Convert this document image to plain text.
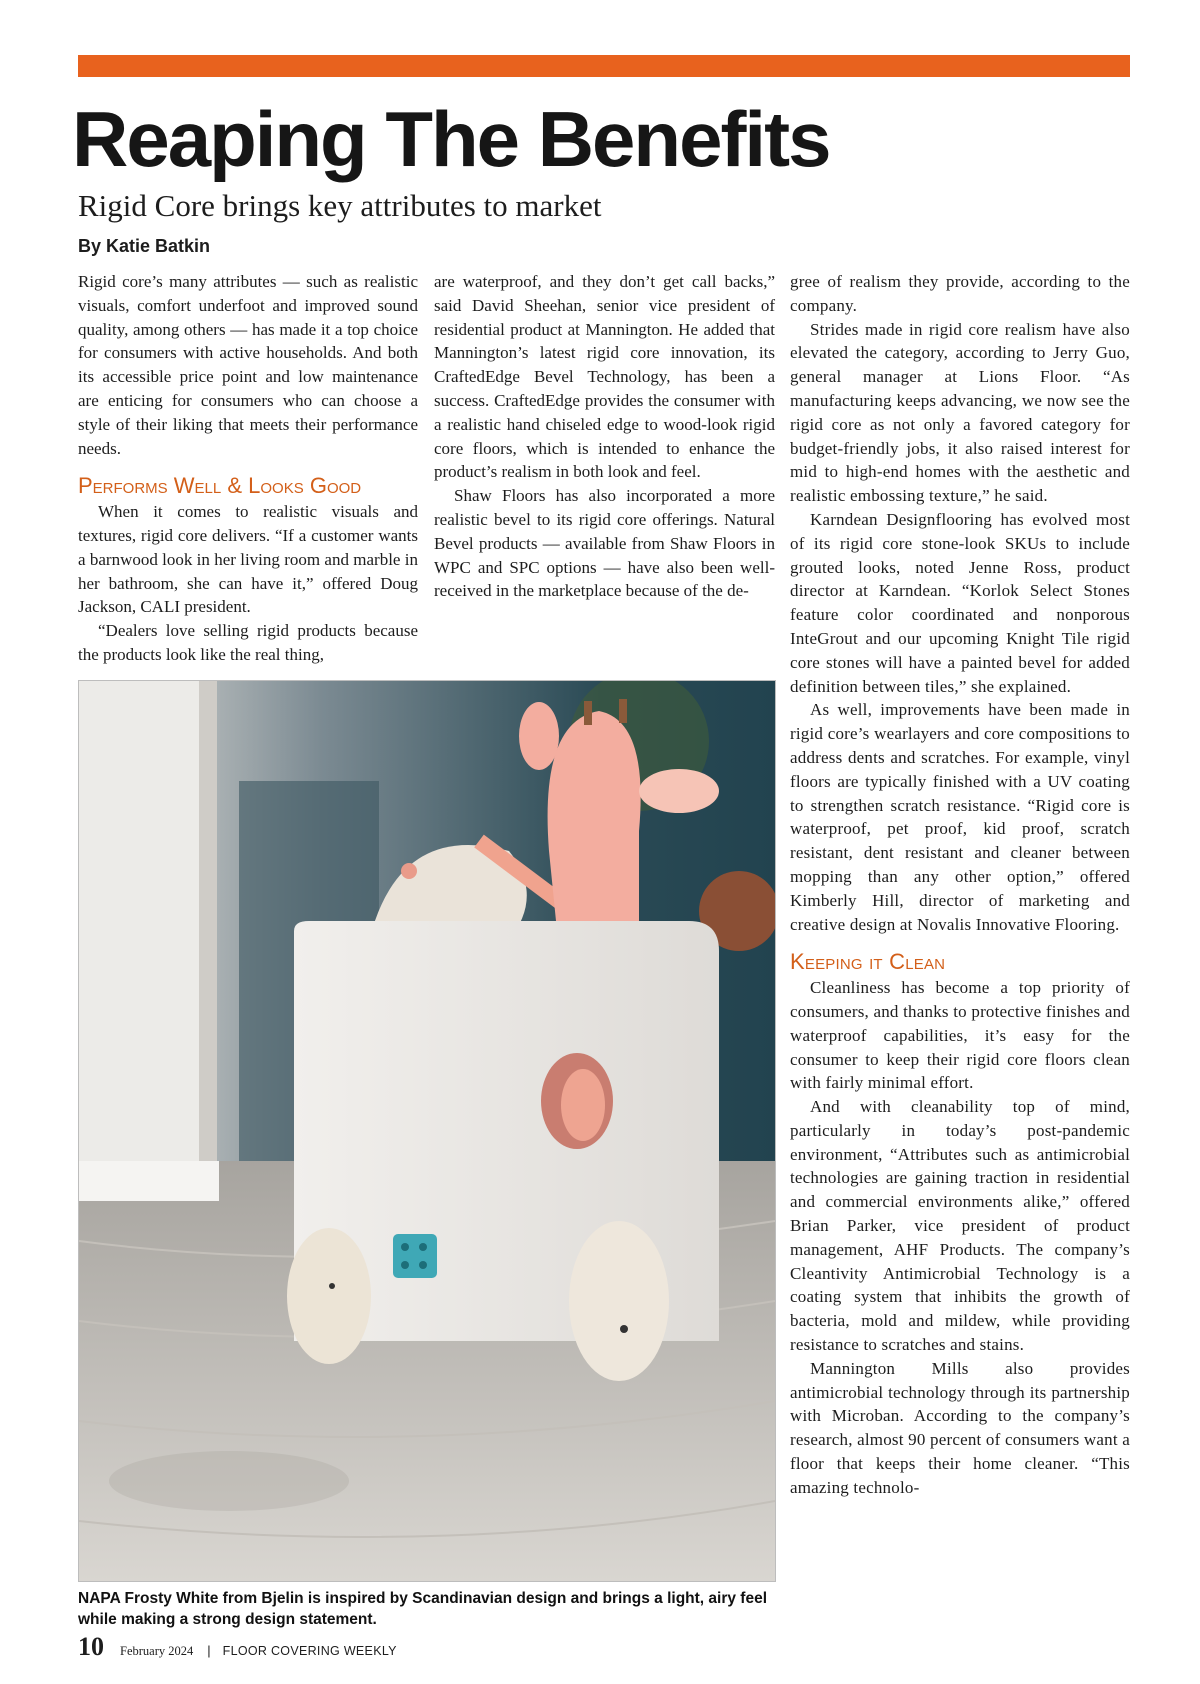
Reaping The Benefits
Rigid Core brings key attributes to market
By Katie Batkin

Rigid core’s many attributes — such as realistic visuals, comfort underfoot and improved sound quality, among others — has made it a top choice for consumers with active households. And both its accessible price point and low maintenance are enticing for consumers who can choose a style of their liking that meets their performance needs.

Performs Well & Looks Good

When it comes to realistic visuals and textures, rigid core delivers. “If a customer wants a barnwood look in her living room and marble in her bathroom, she can have it,” offered Doug Jackson, CALI president.

“Dealers love selling rigid products because the products look like the real thing,

are waterproof, and they don’t get call backs,” said David Sheehan, senior vice president of residential product at Mannington. He added that Mannington’s latest rigid core innovation, its CraftedEdge Bevel Technology, has been a success. CraftedEdge provides the consumer with a realistic hand chiseled edge to wood-look rigid core floors, which is intended to enhance the product’s realism in both look and feel.

Shaw Floors has also incorporated a more realistic bevel to its rigid core offerings. Natural Bevel products — available from Shaw Floors in WPC and SPC options — have also been well-received in the marketplace because of the de-

gree of realism they provide, according to the company.

Strides made in rigid core realism have also elevated the category, according to Jerry Guo, general manager at Lions Floor. “As manufacturing keeps advancing, we now see the rigid core as not only a favored category for budget-friendly jobs, it also raised interest for mid to high-end homes with the aesthetic and realistic embossing texture,” he said.

Karndean Designflooring has evolved most of its rigid core stone-look SKUs to include grouted looks, noted Jenne Ross, product director at Karndean. “Korlok Select Stones feature color coordinated and nonporous InteGrout and our upcoming Knight Tile rigid core stones will have a painted bevel for added definition between tiles,” she explained.

As well, improvements have been made in rigid core’s wearlayers and core compositions to address dents and scratches. For example, vinyl floors are typically finished with a UV coating to strengthen scratch resistance. “Rigid core is waterproof, pet proof, kid proof, scratch resistant, dent resistant and cleaner between mopping than any other option,” offered Kimberly Hill, director of marketing and creative design at Novalis Innovative Flooring.

Keeping it Clean

Cleanliness has become a top priority of consumers, and thanks to protective finishes and waterproof capabilities, it’s easy for the consumer to keep their rigid core floors clean with fairly minimal effort.

And with cleanability top of mind, particularly in today’s post-pandemic environment, “Attributes such as antimicrobial technologies are gaining traction in residential and commercial environments alike,” offered Brian Parker, vice president of product management, AHF Products. The company’s Cleantivity Antimicrobial Technology is a coating system that inhibits the growth of bacteria, mold and mildew, while providing resistance to scratches and stains.

Mannington Mills also provides antimicrobial technology through its partnership with Microban. According to the company’s research, almost 90 percent of consumers want a floor that keeps their home cleaner. “This amazing technolo-

NAPA Frosty White from Bjelin is inspired by Scandinavian design and brings a light, airy feel while making a strong design statement.
10 February 2024 | FLOOR COVERING WEEKLY
